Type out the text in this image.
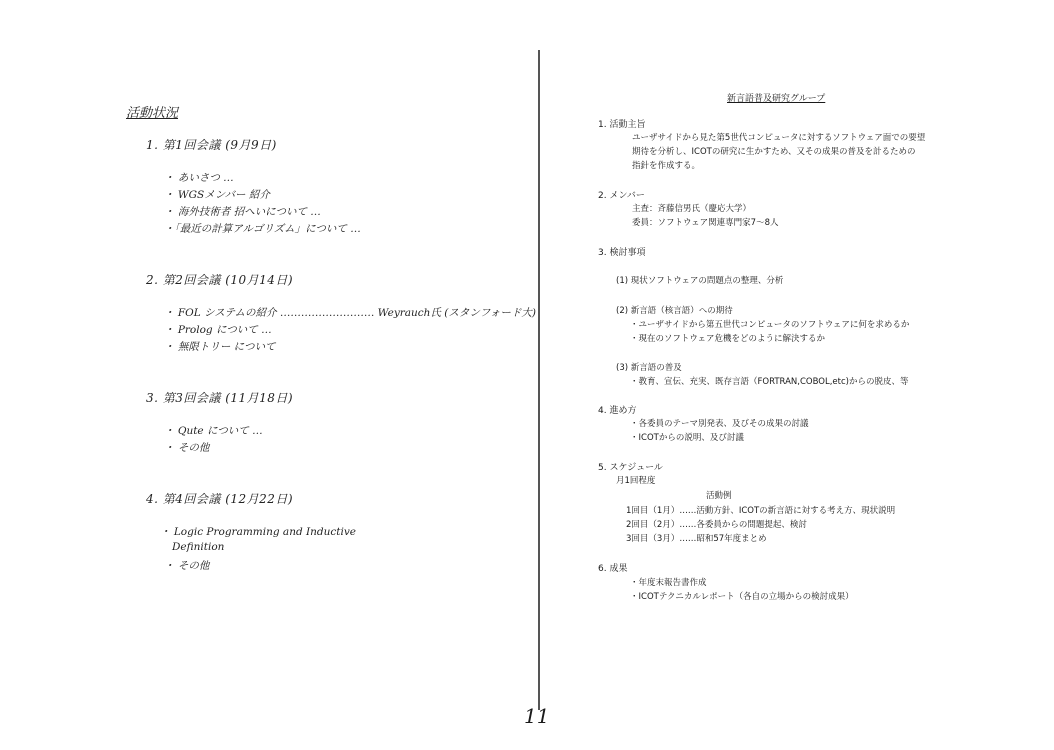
活動状況
1. 第1回会議 (9月9日)
・ あいさつ …
・ WGSメンバー 紹介
・ 海外技術者 招へいについて …
・「最近の計算アルゴリズム」について …
2. 第2回会議 (10月14日)
・ FOL システムの紹介 ……………………… Weyrauch氏 (スタンフォード大)
・ Prolog について …
・ 無限トリー について
3. 第3回会議 (11月18日)
・ Qute について …
・ その他
4. 第4回会議 (12月22日)
・ Logic Programming and Inductive
Definition
・ その他
新言語普及研究グループ
1. 活動主旨
ユーザサイドから見た第5世代コンピュータに対するソフトウェア面での要望
期待を分析し、ICOTの研究に生かすため、又その成果の普及を計るための
指針を作成する。
2. メンバー
主査：斉藤信男氏（慶応大学）
委員：ソフトウェア関連専門家7～8人
3. 検討事項
(1) 現状ソフトウェアの問題点の整理、分析
(2) 新言語（核言語）への期待
・ユーザサイドから第五世代コンピュータのソフトウェアに何を求めるか
・現在のソフトウェア危機をどのように解決するか
(3) 新言語の普及
・教育、宣伝、充実、既存言語（FORTRAN,COBOL,etc)からの脱皮、等
4. 進め方
・各委員のテーマ別発表、及びその成果の討議
・ICOTからの説明、及び討議
5. スケジュール
月1回程度
活動例
1回目（1月）……活動方針、ICOTの新言語に対する考え方、現状説明
2回目（2月）……各委員からの問題提起、検討
3回目（3月）……昭和57年度まとめ
6. 成果
・年度末報告書作成
・ICOTテクニカルレポート（各自の立場からの検討成果）
11
